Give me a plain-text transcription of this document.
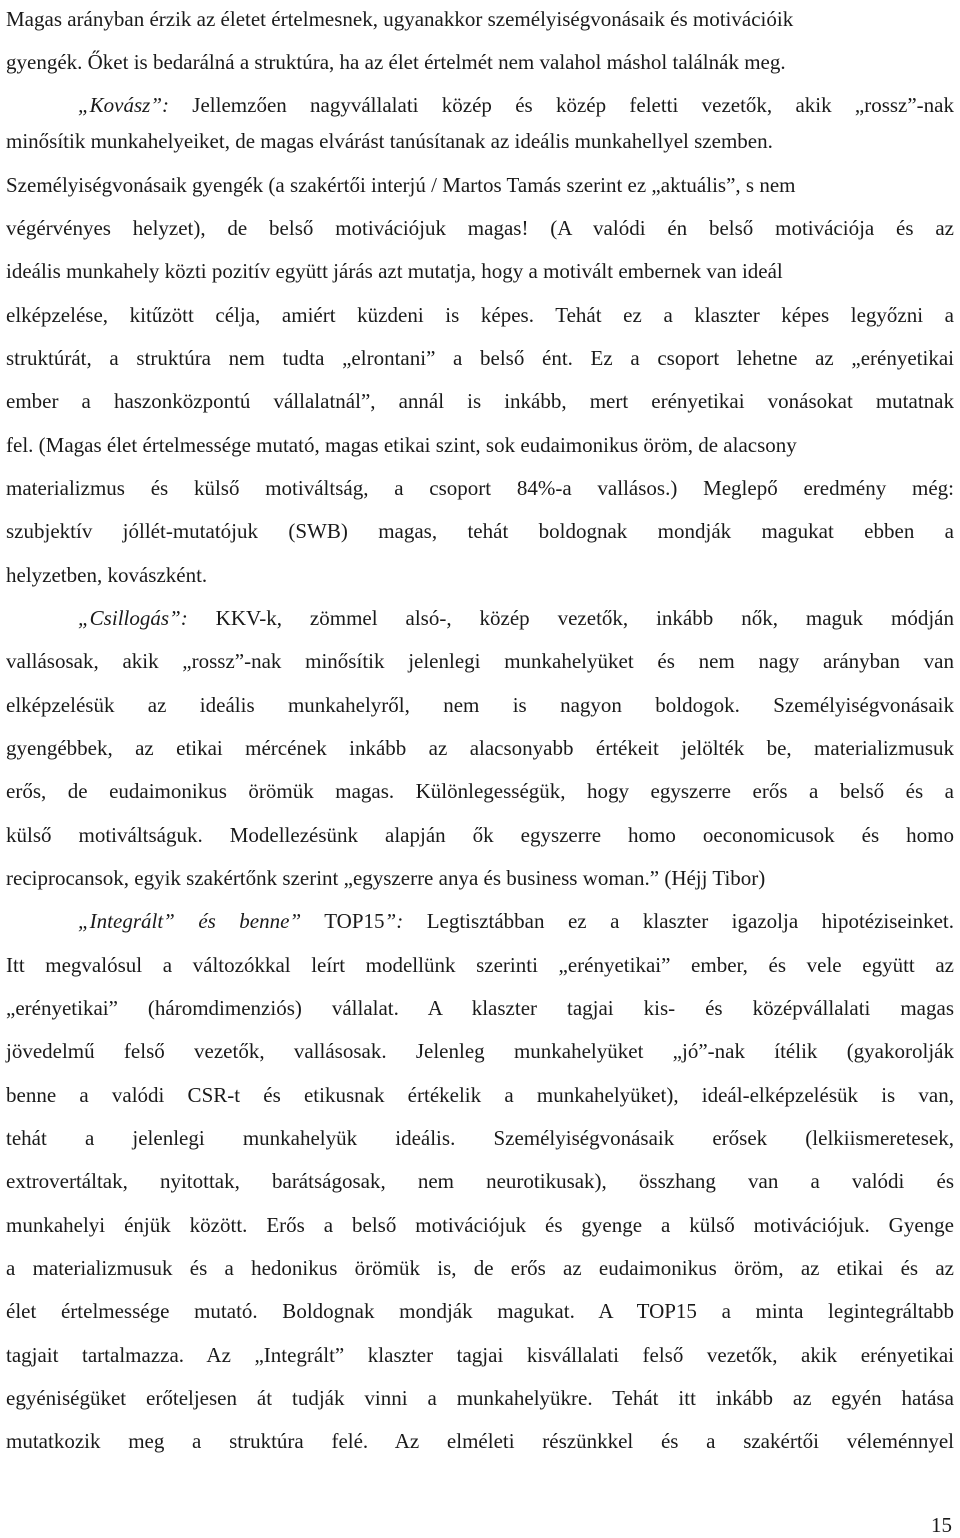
Magas arányban érzik az életet értelmesnek, ugyanakkor személyiségvonásaik és motivációik
gyengék. Őket is bedarálná a struktúra, ha az élet értelmét nem valahol máshol találnák meg.
„Kovász”: Jellemzően nagyvállalati közép és közép feletti vezetők, akik „rossz”-nak
minősítik munkahelyeiket, de magas elvárást tanúsítanak az ideális munkahellyel szemben.
Személyiségvonásaik gyengék (a szakértői interjú / Martos Tamás szerint ez „aktuális”, s nem
végérvényes helyzet), de belső motivációjuk magas! (A valódi én belső motivációja és az
ideális munkahely közti pozitív együtt járás azt mutatja, hogy a motivált embernek van ideál
elképzelése, kitűzött célja, amiért küzdeni is képes. Tehát ez a klaszter képes legyőzni a
struktúrát, a struktúra nem tudta „elrontani” a belső ént. Ez a csoport lehetne az „erényetikai
ember a haszonközpontú vállalatnál”, annál is inkább, mert erényetikai vonásokat mutatnak
fel. (Magas élet értelmessége mutató, magas etikai szint, sok eudaimonikus öröm, de alacsony
materializmus és külső motiváltság, a csoport 84%-a vallásos.) Meglepő eredmény még:
szubjektív jóllét-mutatójuk (SWB) magas, tehát boldognak mondják magukat ebben a
helyzetben, kovászként.
„Csillogás”: KKV-k, zömmel alsó-, közép vezetők, inkább nők, maguk módján
vallásosak, akik „rossz”-nak minősítik jelenlegi munkahelyüket és nem nagy arányban van
elképzelésük az ideális munkahelyről, nem is nagyon boldogok. Személyiségvonásaik
gyengébbek, az etikai mércének inkább az alacsonyabb értékeit jelölték be, materializmusuk
erős, de eudaimonikus örömük magas. Különlegességük, hogy egyszerre erős a belső és a
külső motiváltságuk. Modellezésünk alapján ők egyszerre homo oeconomicusok és homo
reciprocansok, egyik szakértőnk szerint „egyszerre anya és business woman.” (Héjj Tibor)
„Integrált” és benne” TOP15”: Legtisztábban ez a klaszter igazolja hipotéziseinket.
Itt megvalósul a változókkal leírt modellünk szerinti „erényetikai” ember, és vele együtt az
„erényetikai” (háromdimenziós) vállalat. A klaszter tagjai kis- és középvállalati magas
jövedelmű felső vezetők, vallásosak. Jelenleg munkahelyüket „jó”-nak ítélik (gyakorolják
benne a valódi CSR-t és etikusnak értékelik a munkahelyüket), ideál-elképzelésük is van,
tehát a jelenlegi munkahelyük ideális. Személyiségvonásaik erősek (lelkiismeretesek,
extrovertáltak, nyitottak, barátságosak, nem neurotikusak), összhang van a valódi és
munkahelyi énjük között. Erős a belső motivációjuk és gyenge a külső motivációjuk. Gyenge
a materializmusuk és a hedonikus örömük is, de erős az eudaimonikus öröm, az etikai és az
élet értelmessége mutató. Boldognak mondják magukat. A TOP15 a minta legintegráltabb
tagjait tartalmazza. Az „Integrált” klaszter tagjai kisvállalati felső vezetők, akik erényetikai
egyéniségüket erőteljesen át tudják vinni a munkahelyükre. Tehát itt inkább az egyén hatása
mutatkozik meg a struktúra felé. Az elméleti részünkkel és a szakértői véleménnyel
15
